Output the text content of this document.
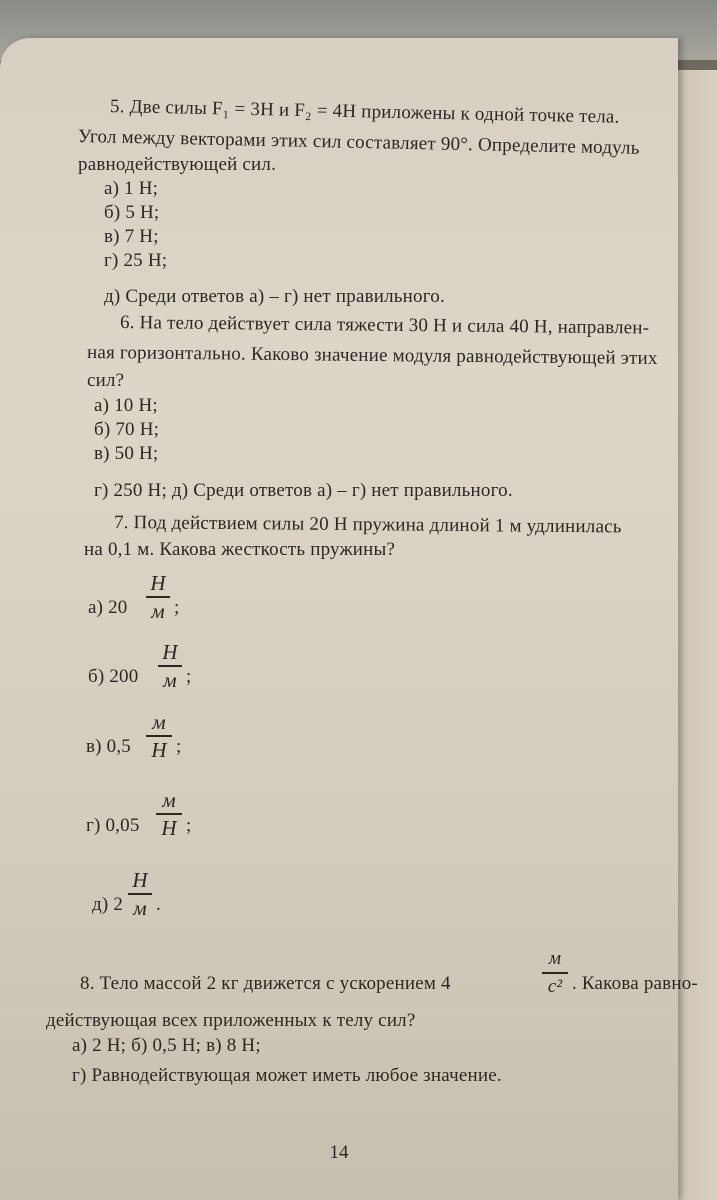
5. Две силы F₁ = 3Н и F₂ = 4Н приложены к одной точке тела.
Угол между векторами этих сил составляет 90°. Определите модуль
равнодействующей сил.
а) 1 Н;
б) 5 Н;
в) 7 Н;
г) 25 Н;
д) Среди ответов а) – г) нет правильного.
6. На тело действует сила тяжести 30 Н и сила 40 Н, направлен-
ная горизонтально. Каково значение модуля равнодействующей этих
сил?
а) 10 Н;
б) 70 Н;
в) 50 Н;
г) 250 Н; д) Среди ответов а) – г) нет правильного.
7. Под действием силы 20 Н пружина длиной 1 м удлинилась
на 0,1 м. Какова жесткость пружины?
а) 20
Н
м ;
б) 200
Н
м ;
в) 0,5
м
Н ;
г) 0,05
м
Н ;
д) 2
Н
м .
8. Тело массой 2 кг движется с ускорением 4
м
с² . Какова равно-
действующая всех приложенных к телу сил?
а) 2 Н; б) 0,5 Н; в) 8 Н;
г) Равнодействующая может иметь любое значение.
14
